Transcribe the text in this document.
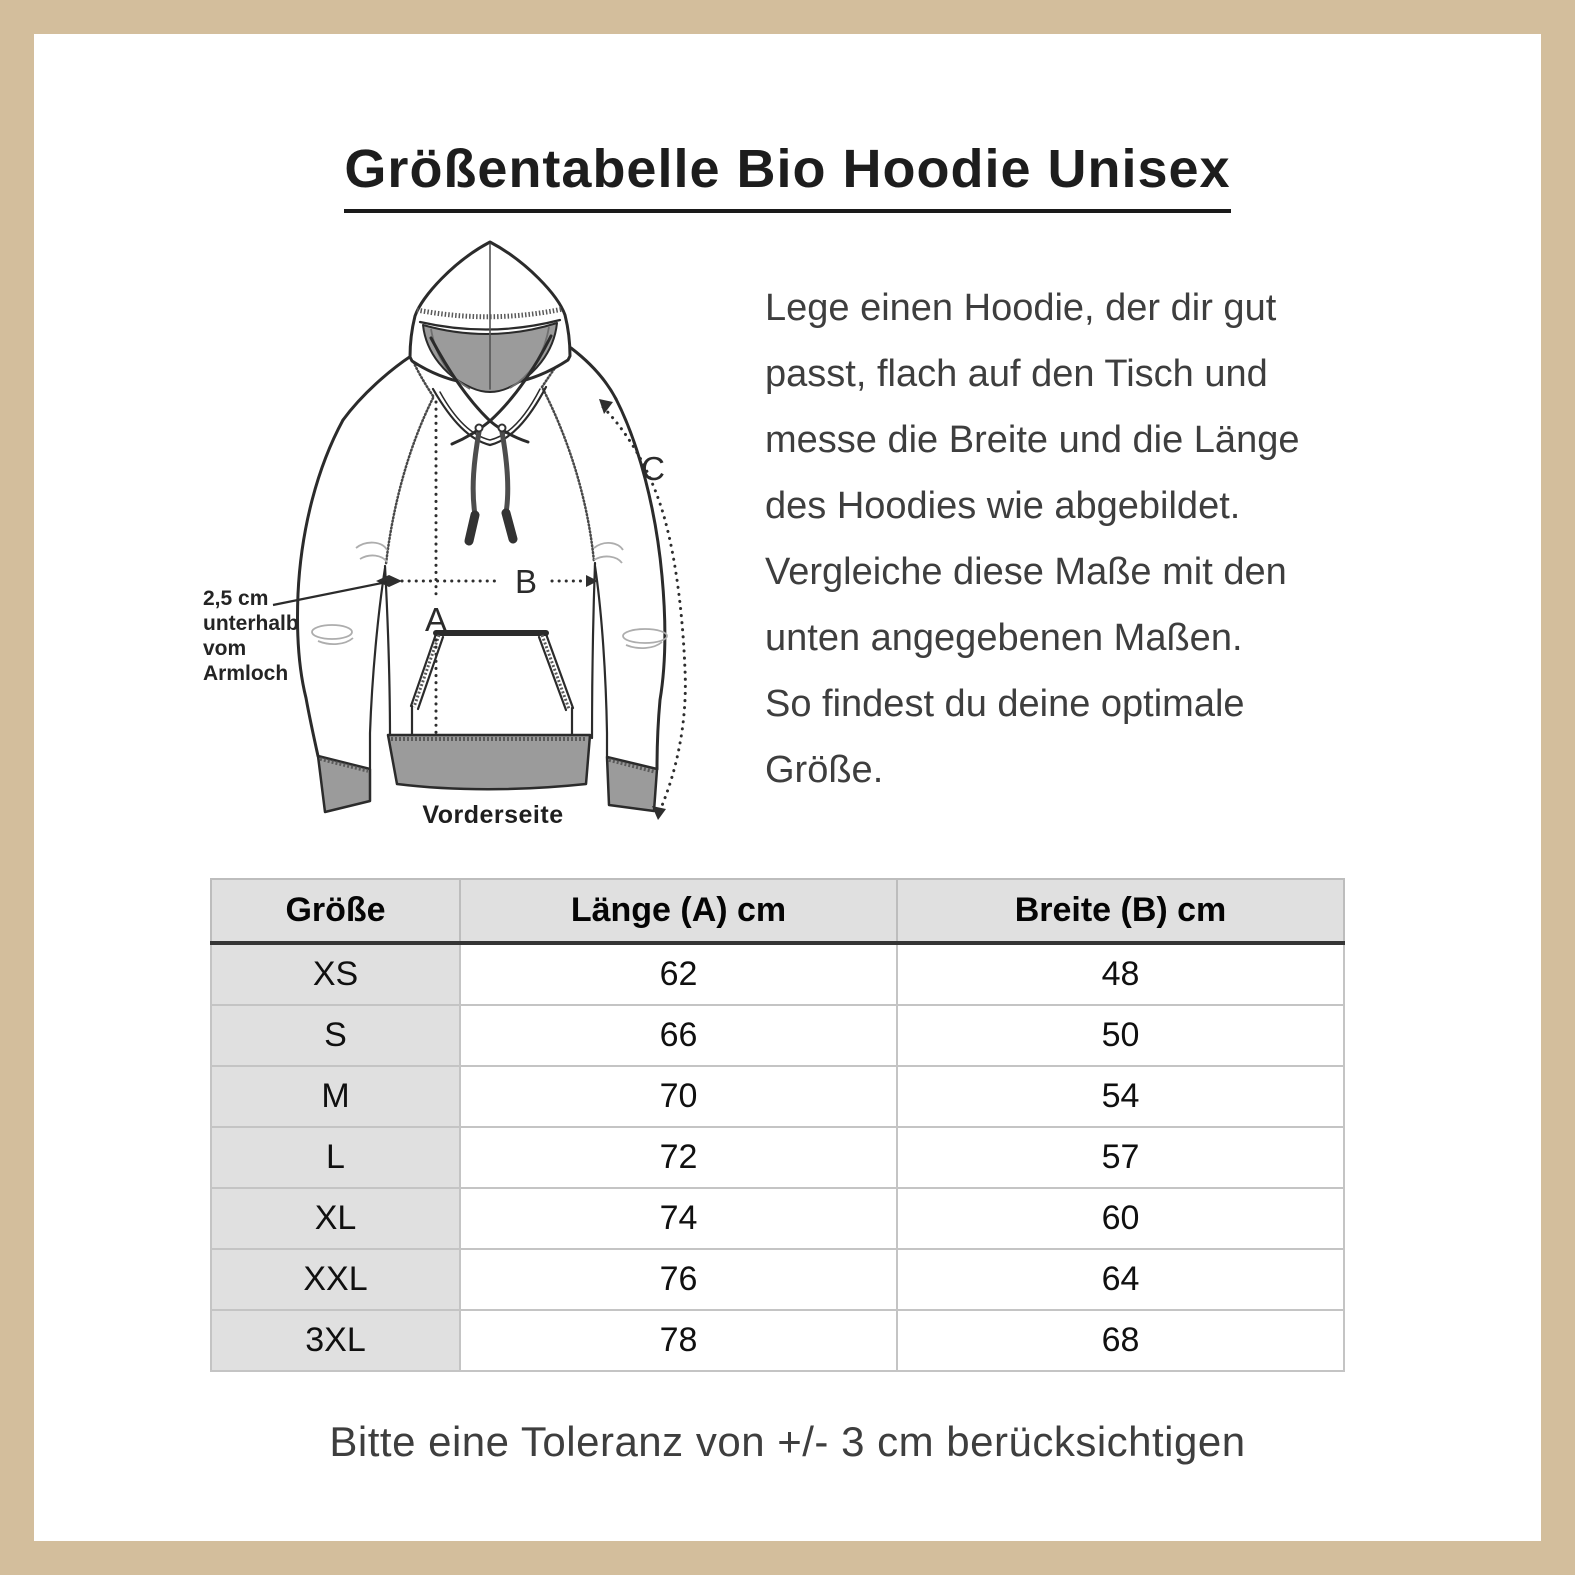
Größentabelle Bio Hoodie Unisex
A
B
C
Vorderseite
2,5 cm
unterhalb
vom
Armloch
Lege einen Hoodie, der dir gut
passt, flach auf den Tisch und
messe die Breite und die Länge
des Hoodies wie abgebildet.
Vergleiche diese Maße mit den
unten angegebenen Maßen.
So findest du deine optimale
Größe.
Größe	Länge (A) cm	Breite (B) cm
XS	62	48
S	66	50
M	70	54
L	72	57
XL	74	60
XXL	76	64
3XL	78	68
Bitte eine Toleranz von +/- 3 cm berücksichtigen
